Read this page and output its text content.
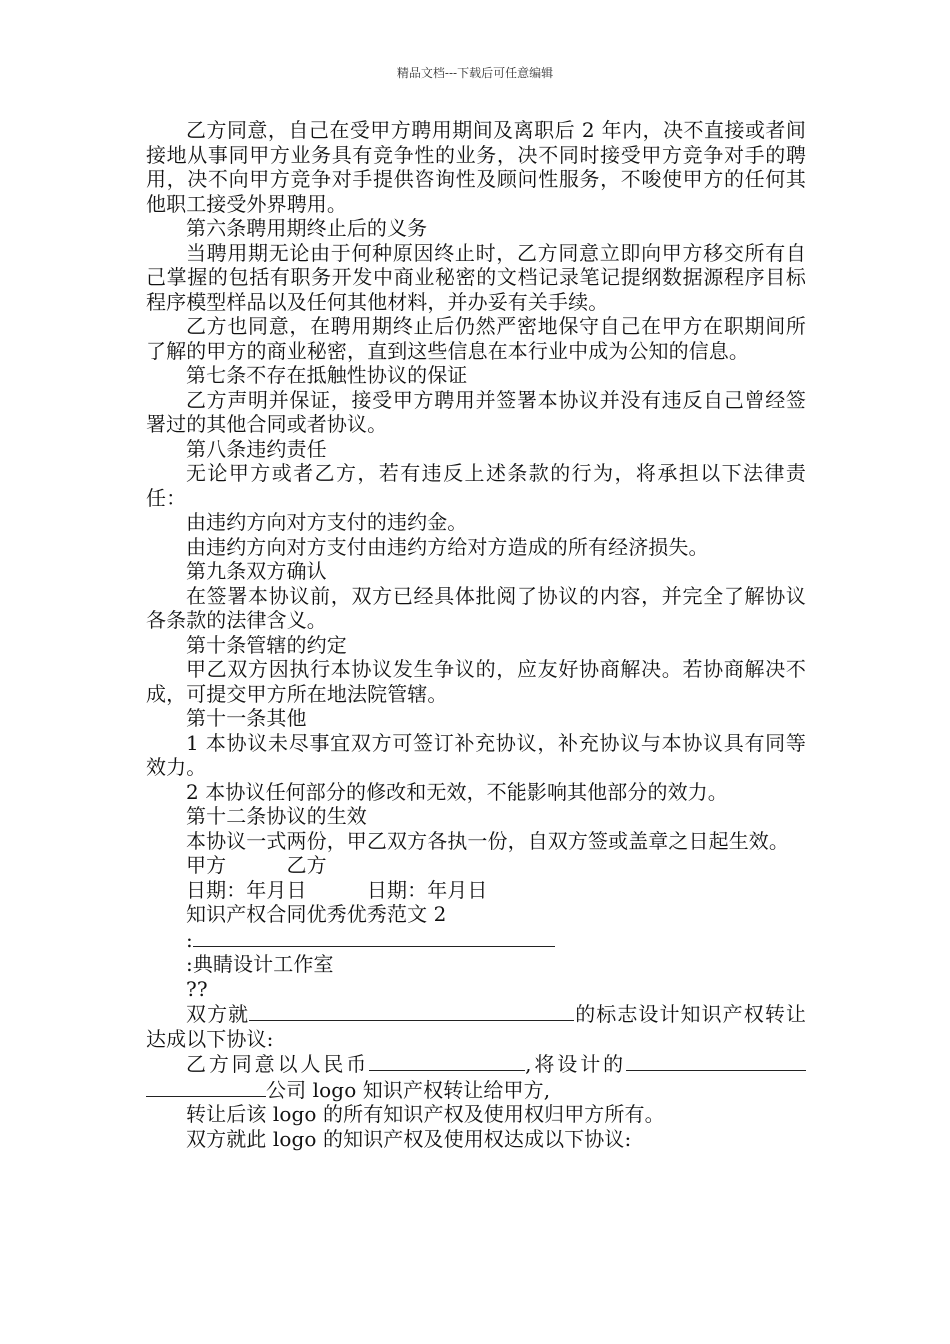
精品文档---下载后可任意编辑

乙方同意，自己在受甲方聘用期间及离职后 2 年内，决不直接或者间接地从事同甲方业务具有竞争性的业务，决不同时接受甲方竞争对手的聘用，决不向甲方竞争对手提供咨询性及顾问性服务，不唆使甲方的任何其他职工接受外界聘用。

第六条聘用期终止后的义务

当聘用期无论由于何种原因终止时，乙方同意立即向甲方移交所有自己掌握的包括有职务开发中商业秘密的文档记录笔记提纲数据源程序目标程序模型样品以及任何其他材料，并办妥有关手续。

乙方也同意，在聘用期终止后仍然严密地保守自己在甲方在职期间所了解的甲方的商业秘密，直到这些信息在本行业中成为公知的信息。

第七条不存在抵触性协议的保证

乙方声明并保证，接受甲方聘用并签署本协议并没有违反自己曾经签署过的其他合同或者协议。

第八条违约责任

无论甲方或者乙方，若有违反上述条款的行为，将承担以下法律责任：

由违约方向对方支付的违约金。

由违约方向对方支付由违约方给对方造成的所有经济损失。

第九条双方确认

在签署本协议前，双方已经具体批阅了协议的内容，并完全了解协议各条款的法律含义。

第十条管辖的约定

甲乙双方因执行本协议发生争议的，应友好协商解决。若协商解决不成，可提交甲方所在地法院管辖。

第十一条其他

1 本协议未尽事宜双方可签订补充协议，补充协议与本协议具有同等效力。

2 本协议任何部分的修改和无效，不能影响其他部分的效力。

第十二条协议的生效

本协议一式两份，甲乙双方各执一份，自双方签或盖章之日起生效。

甲方　　　乙方

日期：年月日　　　日期：年月日

知识产权合同优秀优秀范文 2

:

:典睛设计工作室

??

双方就	的标志设计知识产权转让达成以下协议:

乙方同意以人民币	,将设计的公司 logo 知识产权转让给甲方,

转让后该 logo 的所有知识产权及使用权归甲方所有。

双方就此 logo 的知识产权及使用权达成以下协议:
